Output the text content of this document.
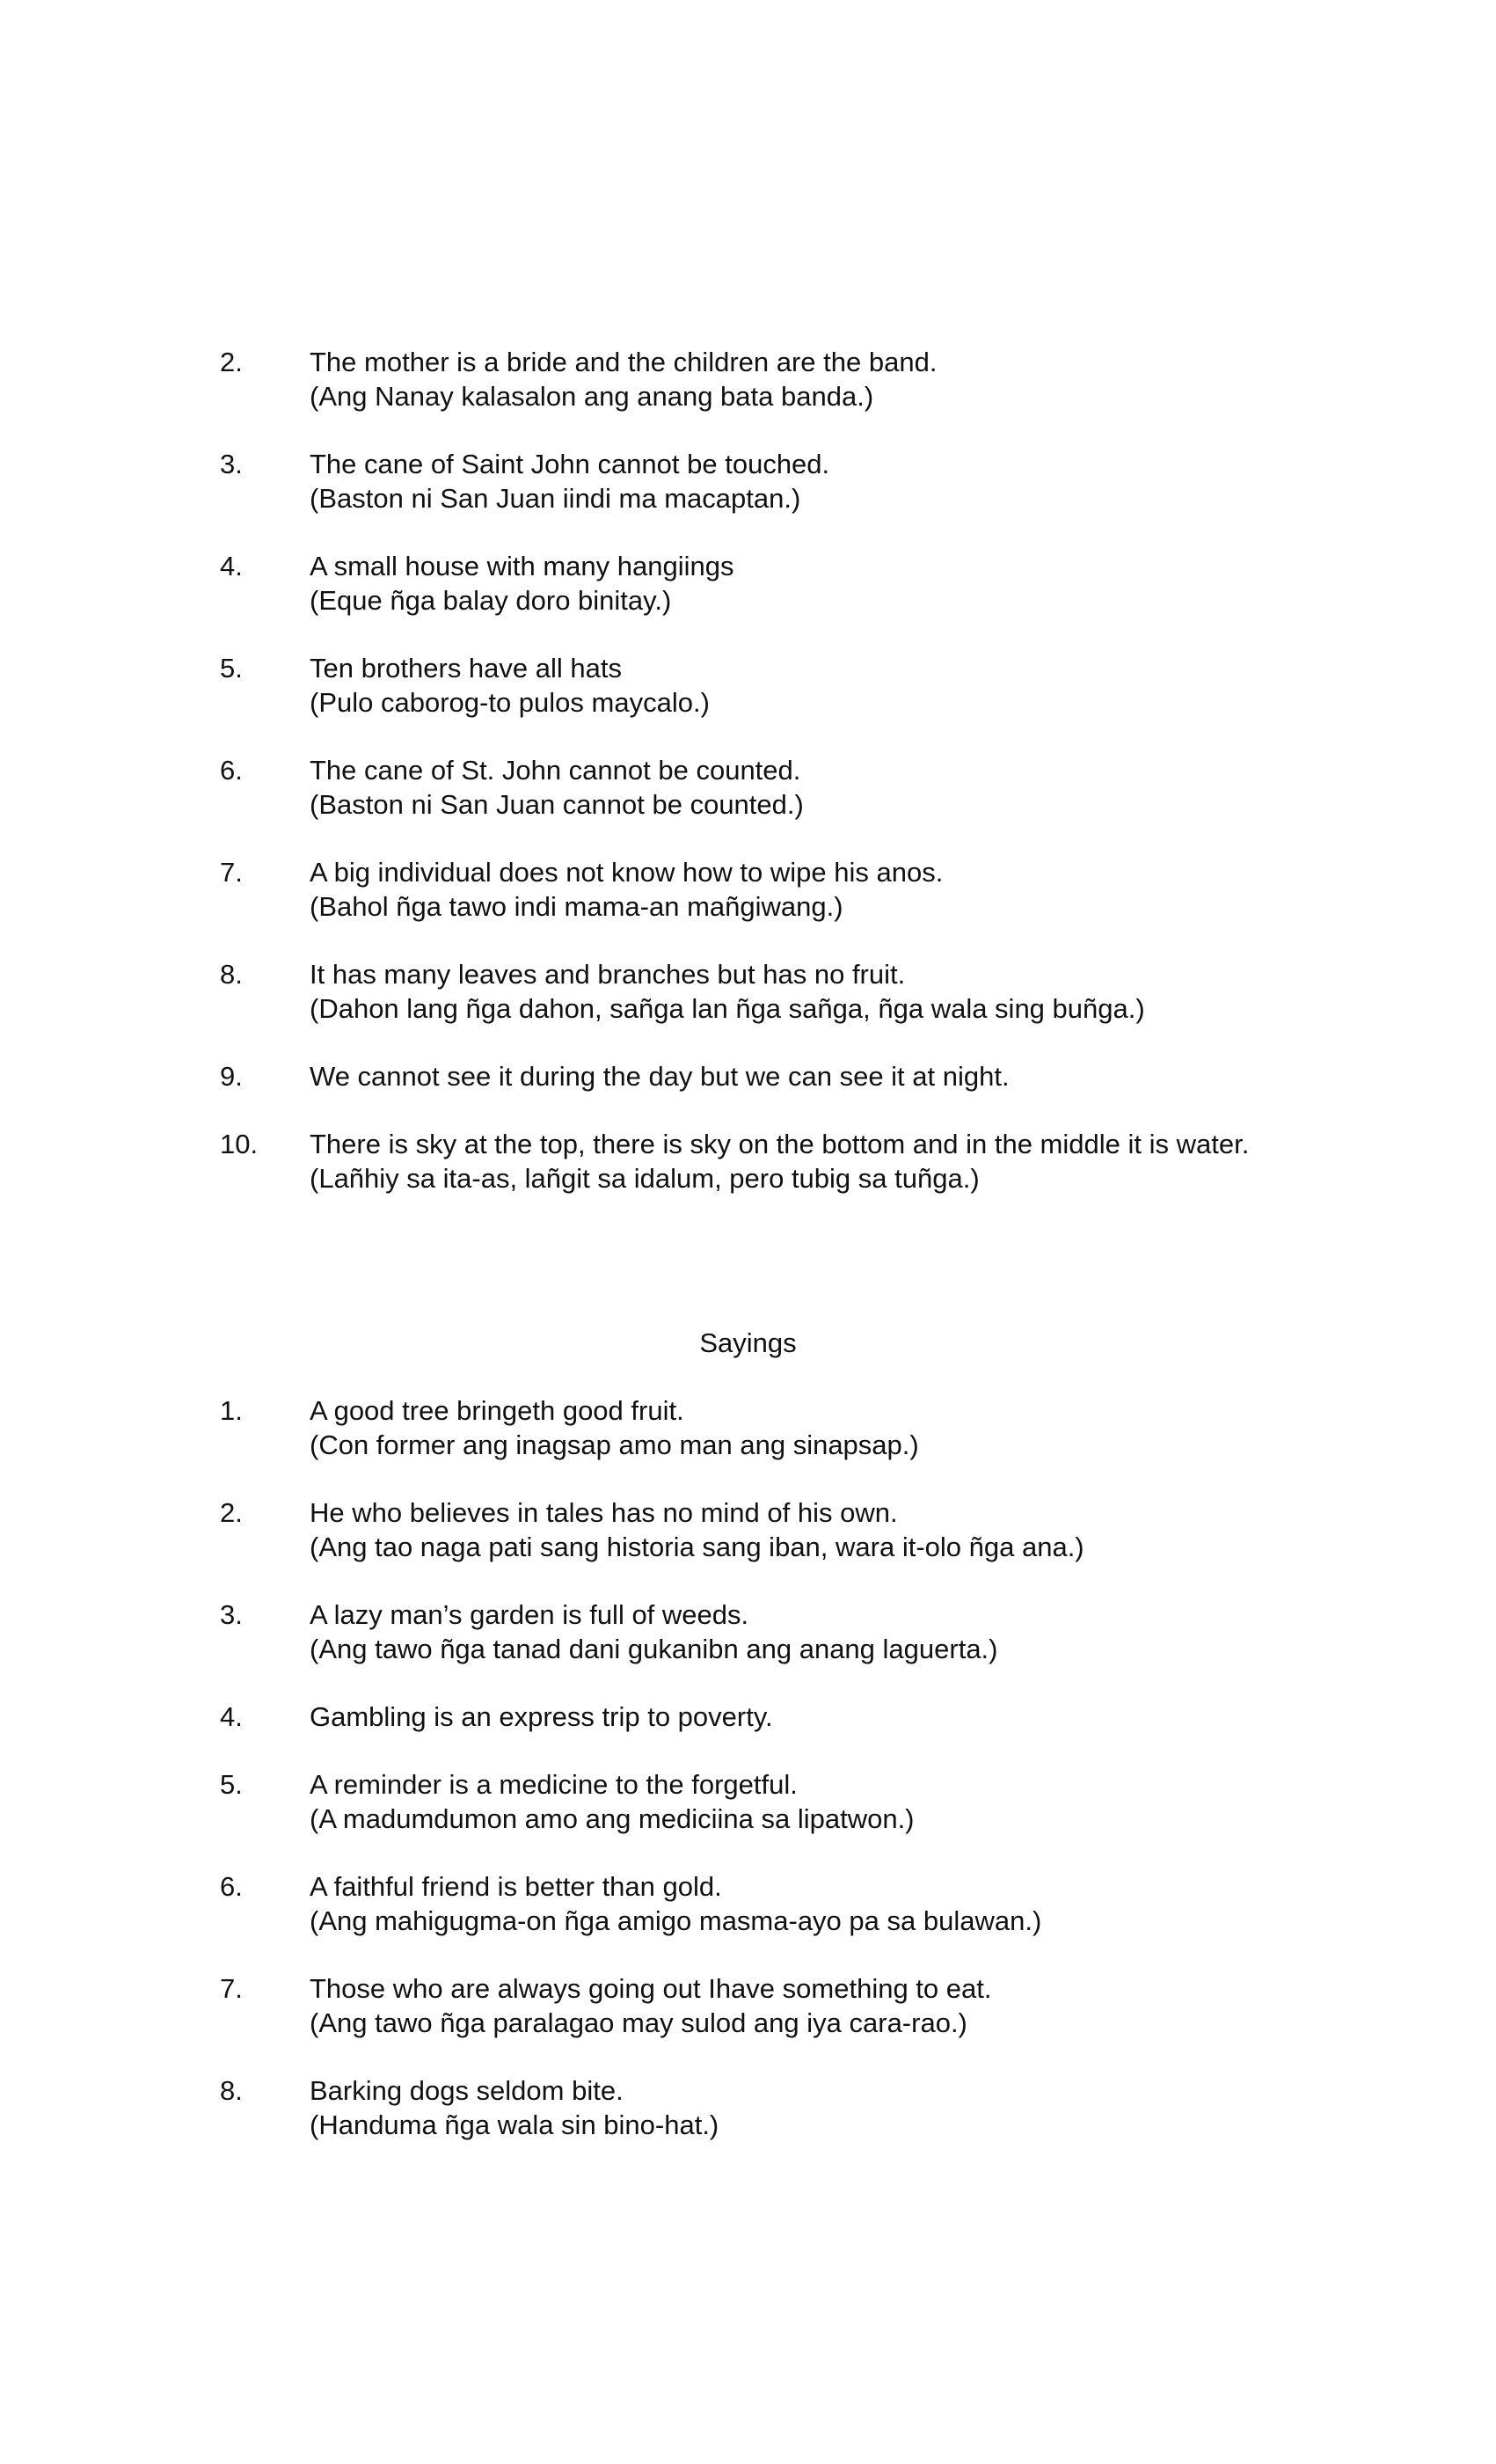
2. The mother is a bride and the children are the band.
(Ang Nanay kalasalon ang anang bata banda.)
3. The cane of Saint John cannot be touched.
(Baston ni San Juan iindi ma macaptan.)
4. A small house with many hangiings
(Eque ñga balay doro binitay.)
5. Ten brothers have all hats
(Pulo caborog-to pulos maycalo.)
6. The cane of St. John cannot be counted.
(Baston ni San Juan cannot be counted.)
7. A big individual does not know how to wipe his anos.
(Bahol ñga tawo indi mama-an mañgiwang.)
8. It has many leaves and branches but has no fruit.
(Dahon lang ñga dahon, sañga lan ñga sañga, ñga wala sing buñga.)
9. We cannot see it during the day but we can see it at night.
10. There is sky at the top, there is sky on the bottom and in the middle it is water.
(Lañhiy sa ita-as, lañgit sa idalum, pero tubig sa tuñga.)
Sayings
1. A good tree bringeth good fruit.
(Con former ang inagsap amo man ang sinapsap.)
2. He who believes in tales has no mind of his own.
(Ang tao naga pati sang historia sang iban, wara it-olo ñga ana.)
3. A lazy man’s garden is full of weeds.
(Ang tawo ñga tanad dani gukanibn ang anang laguerta.)
4. Gambling is an express trip to poverty.
5. A reminder is a medicine to the forgetful.
(A madumdumon amo ang mediciina sa lipatwon.)
6. A faithful friend is better than gold.
(Ang mahigugma-on ñga amigo masma-ayo pa sa bulawan.)
7. Those who are always going out Ihave something to eat.
(Ang tawo ñga paralagao may sulod ang iya cara-rao.)
8. Barking dogs seldom bite.
(Handuma ñga wala sin bino-hat.)
